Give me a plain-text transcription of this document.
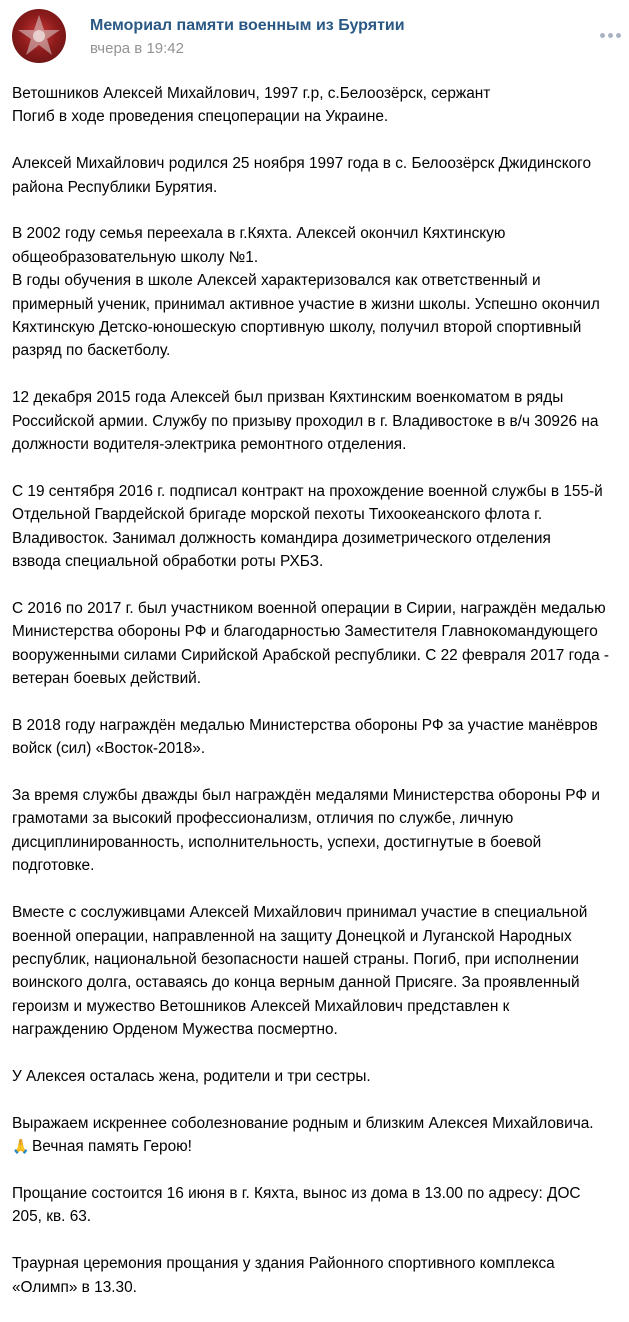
Мемориал памяти военным из Бурятии
вчера в 19:42

Ветошников Алексей Михайлович, 1997 г.р, с.Белоозёрск, сержант
Погиб в ходе проведения спецоперации на Украине.

Алексей Михайлович родился 25 ноября 1997 года в с. Белоозёрск Джидинского
района Республики Бурятия.

В 2002 году семья переехала в г.Кяхта. Алексей окончил Кяхтинскую
общеобразовательную школу №1.
В годы обучения в школе Алексей характеризовался как ответственный и
примерный ученик, принимал активное участие в жизни школы. Успешно окончил
Кяхтинскую Детско-юношескую спортивную школу, получил второй спортивный
разряд по баскетболу.

12 декабря 2015 года Алексей был призван Кяхтинским военкоматом в ряды
Российской армии. Службу по призыву проходил в г. Владивостоке в в/ч 30926 на
должности водителя-электрика ремонтного отделения.

С 19 сентября 2016 г. подписал контракт на прохождение военной службы в 155-й
Отдельной Гвардейской бригаде морской пехоты Тихоокеанского флота г.
Владивосток. Занимал должность командира дозиметрического отделения
взвода специальной обработки роты РХБЗ.

С 2016 по 2017 г. был участником военной операции в Сирии, награждён медалью
Министерства обороны РФ и благодарностью Заместителя Главнокомандующего
вооруженными силами Сирийской Арабской республики. С 22 февраля 2017 года -
ветеран боевых действий.

В 2018 году награждён медалью Министерства обороны РФ за участие манёвров
войск (сил) «Восток-2018».

За время службы дважды был награждён медалями Министерства обороны РФ и
грамотами за высокий профессионализм, отличия по службе, личную
дисциплинированность, исполнительность, успехи, достигнутые в боевой
подготовке.

Вместе с сослуживцами Алексей Михайлович принимал участие в специальной
военной операции, направленной на защиту Донецкой и Луганской Народных
республик, национальной безопасности нашей страны. Погиб, при исполнении
воинского долга, оставаясь до конца верным данной Присяге. За проявленный
героизм и мужество Ветошников Алексей Михайлович представлен к
награждению Орденом Мужества посмертно.

У Алексея осталась жена, родители и три сестры.

Выражаем искреннее соболезнование родным и близким Алексея Михайловича.
🙏 Вечная память Герою!

Прощание состоится 16 июня в г. Кяхта, вынос из дома в 13.00 по адресу: ДОС
205, кв. 63.

Траурная церемония прощания у здания Районного спортивного комплекса
«Олимп» в 13.30.
